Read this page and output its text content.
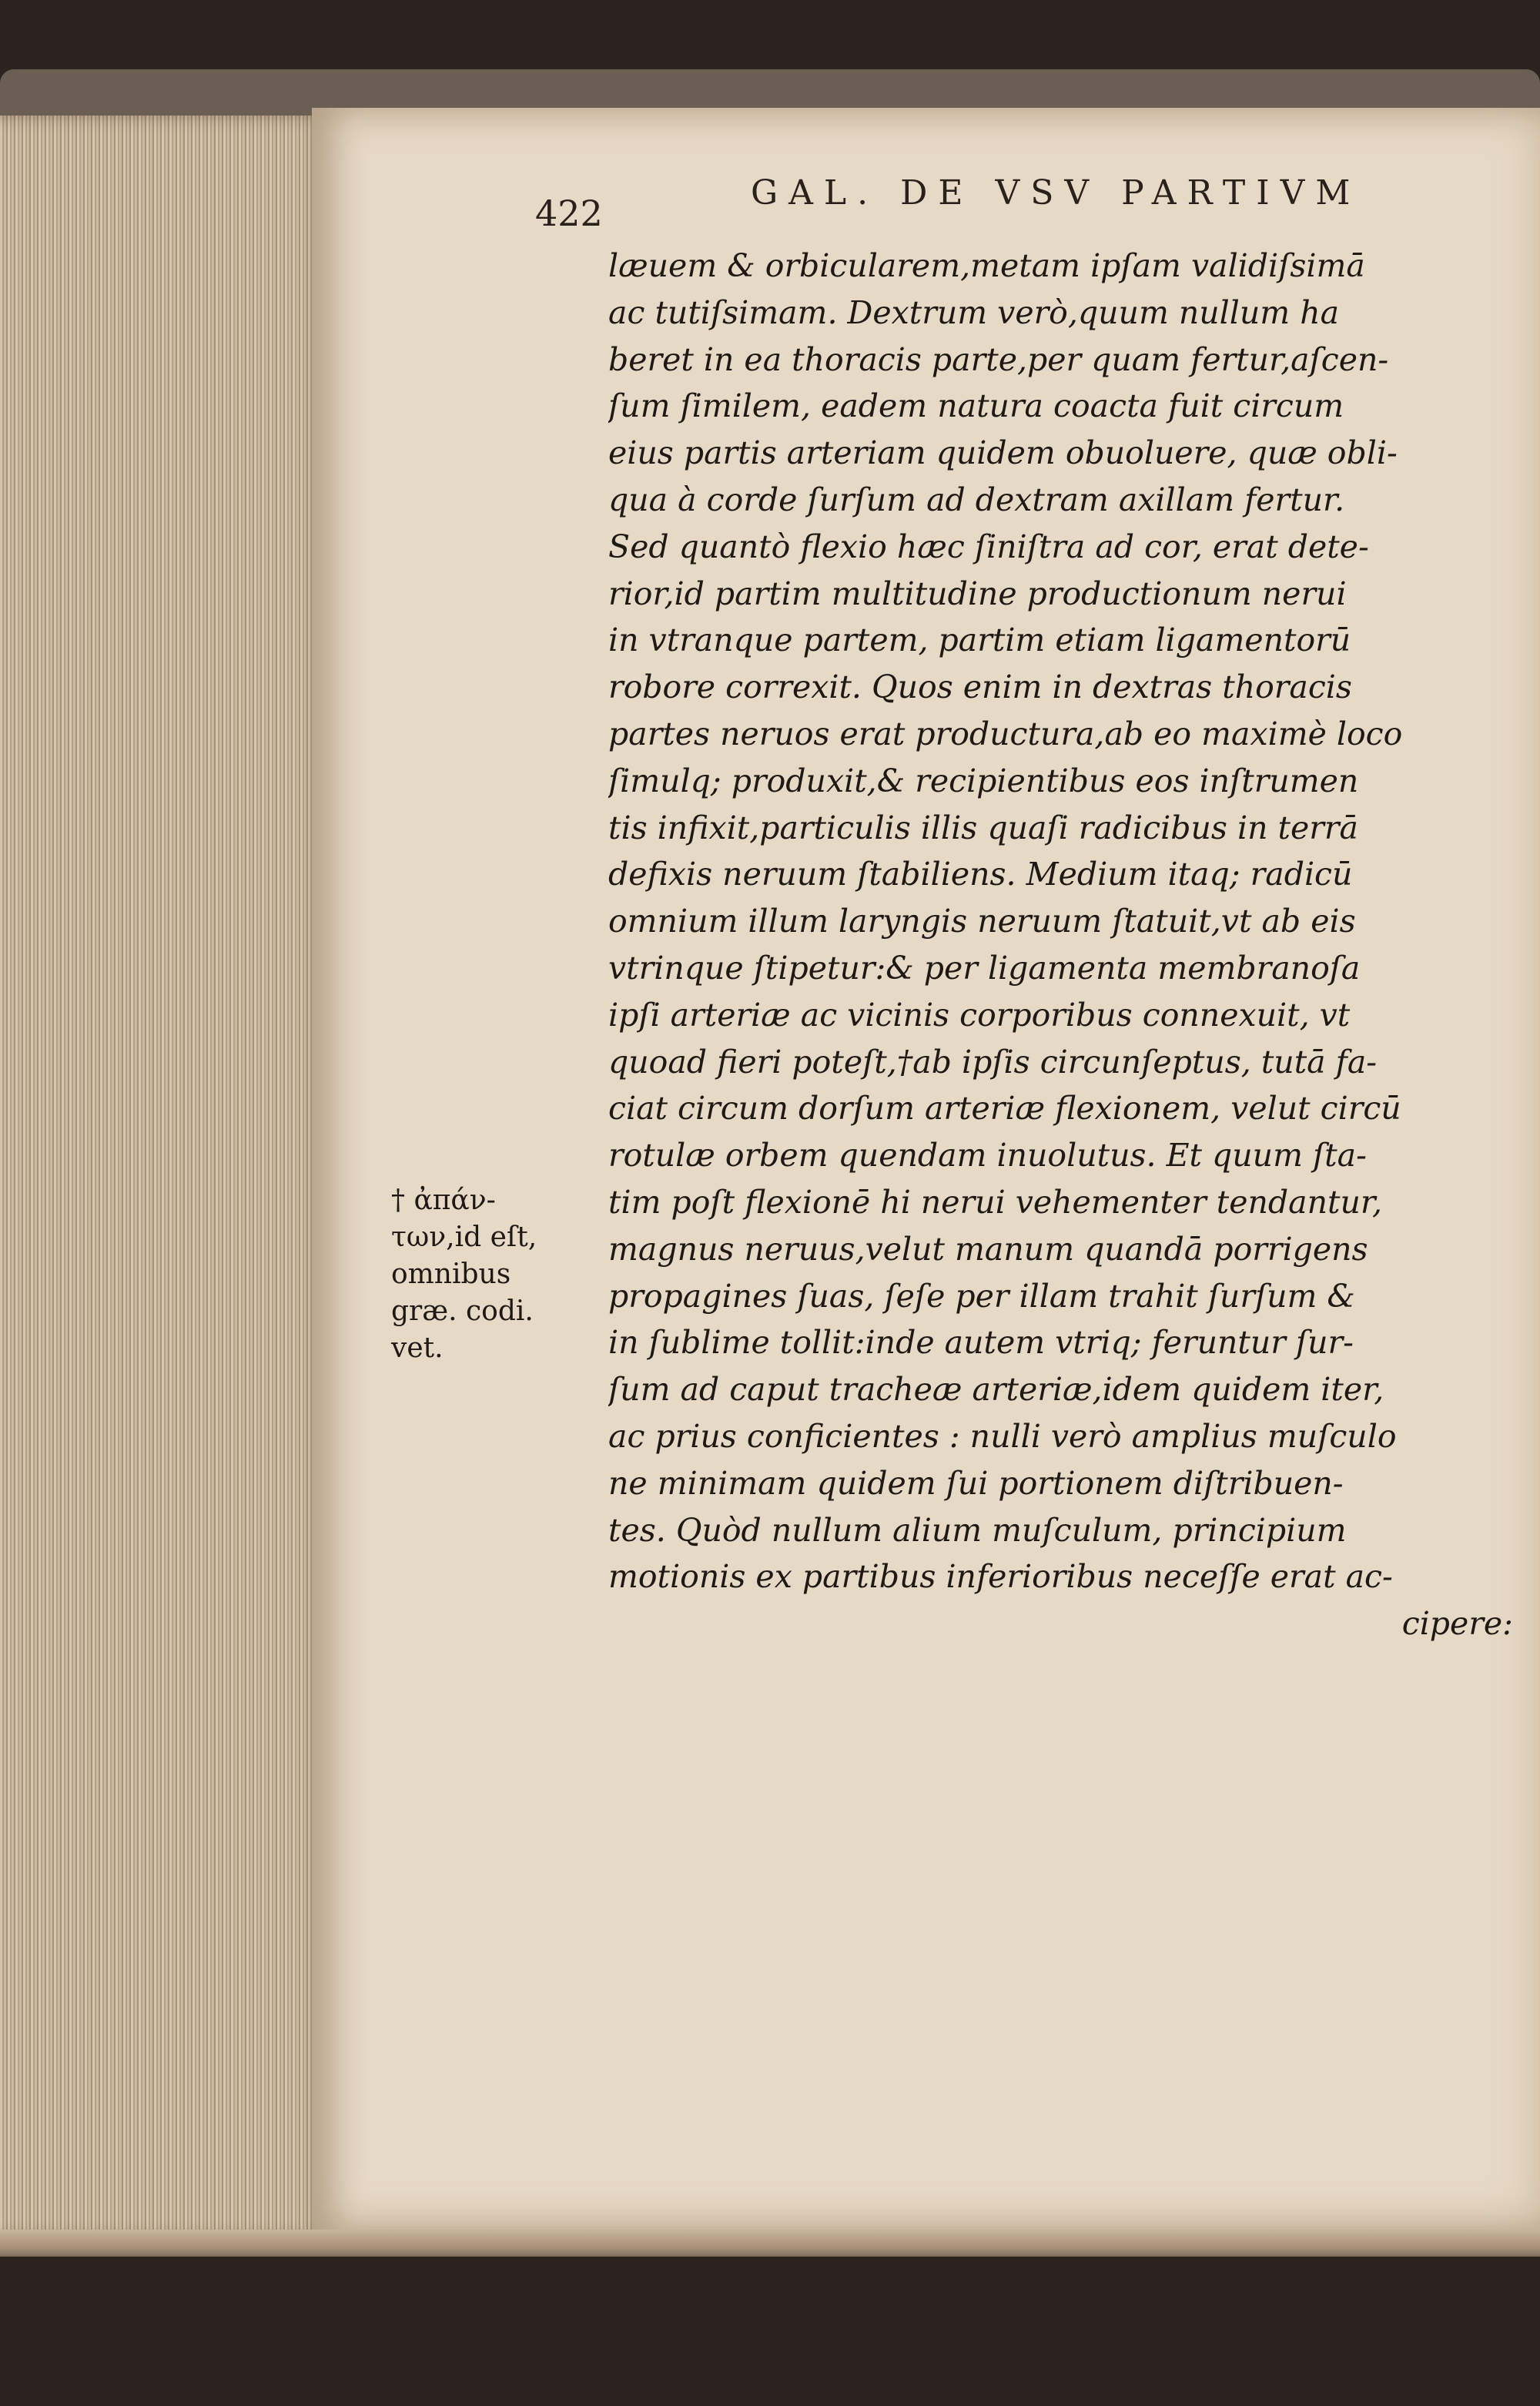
422	GAL. DE VSV PARTIVM
læuem & orbicularem,metam ipſam validiſsimā
ac tutiſsimam. Dextrum verò,quum nullum ha
beret in ea thoracis parte,per quam fertur,aſcen-
ſum ſimilem, eadem natura coacta fuit circum
eius partis arteriam quidem obuoluere, quæ obli-
qua à corde ſurſum ad dextram axillam fertur.
Sed quantò flexio hæc ſiniſtra ad cor, erat dete-
rior,id partim multitudine productionum nerui
in vtranque partem, partim etiam ligamentorū
robore correxit. Quos enim in dextras thoracis
partes neruos erat productura,ab eo maximè loco
ſimulq; produxit,& recipientibus eos inſtrumen
tis infixit,particulis illis quaſi radicibus in terrā
defixis neruum ſtabiliens. Medium itaq; radicū
omnium illum laryngis neruum ſtatuit,vt ab eis
vtrinque ſtipetur:& per ligamenta membranoſa
ipſi arteriæ ac vicinis corporibus connexuit, vt
quoad fieri poteſt,†ab ipſis circunſeptus, tutā fa-
ciat circum dorſum arteriæ flexionem, velut circū
rotulæ orbem quendam inuolutus. Et quum ſta-
tim poſt flexionē hi nerui vehementer tendantur,
magnus neruus,velut manum quandā porrigens
propagines ſuas, ſeſe per illam trahit ſurſum &
in ſublime tollit:inde autem vtriq; feruntur ſur-
ſum ad caput tracheæ arteriæ,idem quidem iter,
ac prius conficientes : nulli verò amplius muſculo
ne minimam quidem ſui portionem diſtribuen-
tes. Quòd nullum alium muſculum, principium
motionis ex partibus inferioribus neceſſe erat ac-
cipere:
† ἀπάν-
των,id eſt,
omnibus
græ. codi.
vet.
